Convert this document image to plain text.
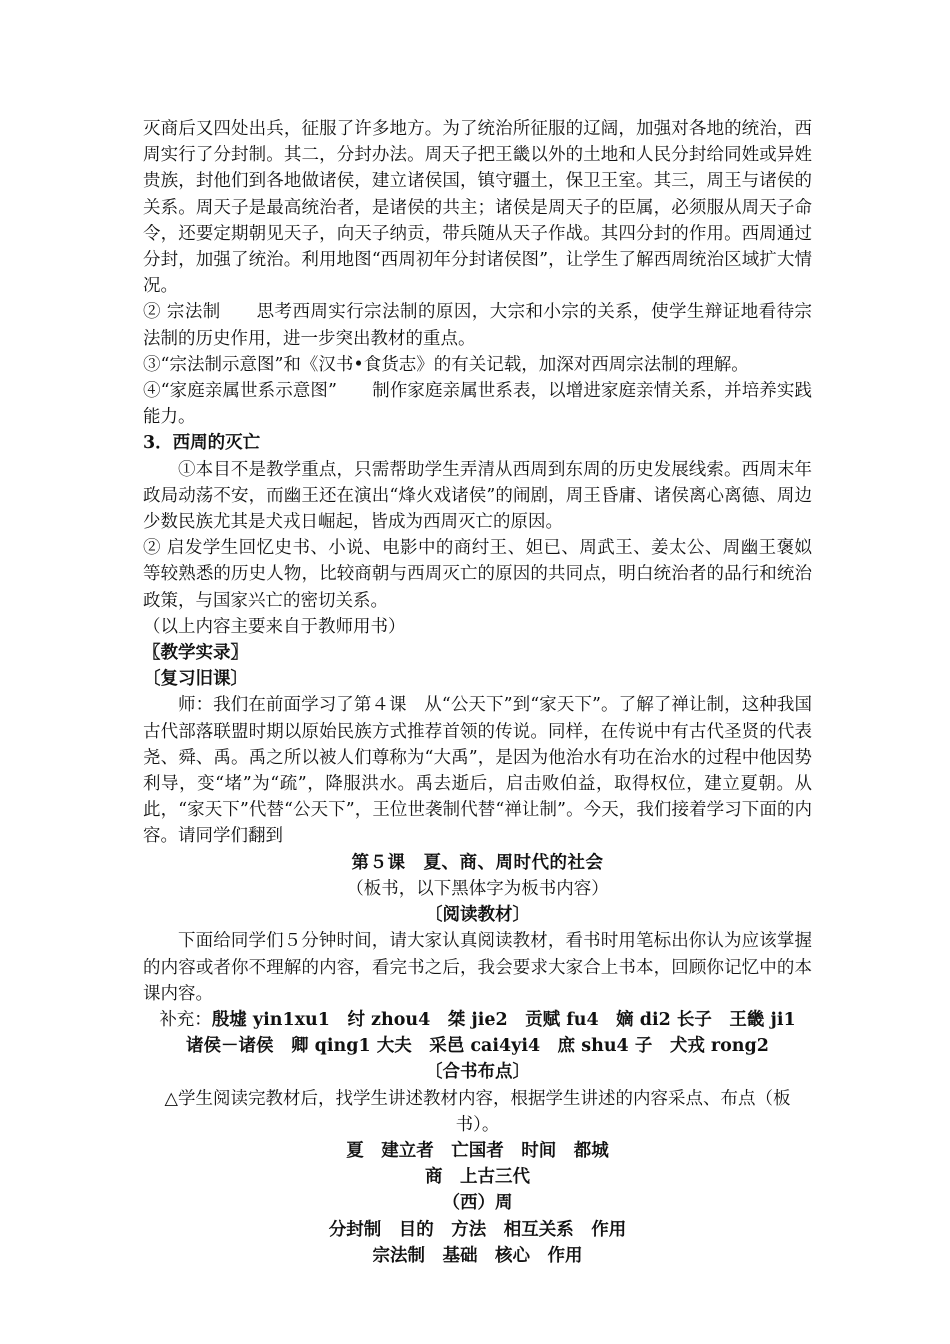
灭商后又四处出兵，征服了许多地方。为了统治所征服的辽阔，加强对各地的统治，西周实行了分封制。其二，分封办法。周天子把王畿以外的土地和人民分封给同姓或异姓贵族，封他们到各地做诸侯，建立诸侯国，镇守疆土，保卫王室。其三，周王与诸侯的关系。周天子是最高统治者，是诸侯的共主；诸侯是周天子的臣属，必须服从周天子命令，还要定期朝见天子，向天子纳贡，带兵随从天子作战。其四分封的作用。西周通过分封，加强了统治。利用地图“西周初年分封诸侯图”，让学生了解西周统治区域扩大情况。

② 宗法制　　思考西周实行宗法制的原因，大宗和小宗的关系，使学生辩证地看待宗法制的历史作用，进一步突出教材的重点。

③“宗法制示意图”和《汉书•食货志》的有关记载，加深对西周宗法制的理解。

④“家庭亲属世系示意图”　　制作家庭亲属世系表，以增进家庭亲情关系，并培养实践能力。

3．西周的灭亡

①本目不是教学重点，只需帮助学生弄清从西周到东周的历史发展线索。西周末年政局动荡不安，而幽王还在演出“烽火戏诸侯”的闹剧，周王昏庸、诸侯离心离德、周边少数民族尤其是犬戎日崛起，皆成为西周灭亡的原因。

② 启发学生回忆史书、小说、电影中的商纣王、妲已、周武王、姜太公、周幽王褒姒等较熟悉的历史人物，比较商朝与西周灭亡的原因的共同点，明白统治者的品行和统治政策，与国家兴亡的密切关系。

（以上内容主要来自于教师用书）

〖教学实录〗

〔复习旧课〕

师：我们在前面学习了第４课　从“公天下”到“家天下”。了解了禅让制，这种我国古代部落联盟时期以原始民族方式推荐首领的传说。同样，在传说中有古代圣贤的代表尧、舜、禹。禹之所以被人们尊称为“大禹”，是因为他治水有功在治水的过程中他因势利导，变“堵”为“疏”，降服洪水。禹去逝后，启击败伯益，取得权位，建立夏朝。从此，“家天下”代替“公天下”，王位世袭制代替“禅让制”。今天，我们接着学习下面的内容。请同学们翻到

第５课　夏、商、周时代的社会

（板书，以下黑体字为板书内容）

〔阅读教材〕

下面给同学们５分钟时间，请大家认真阅读教材，看书时用笔标出你认为应该掌握的内容或者你不理解的内容，看完书之后，我会要求大家合上书本，回顾你记忆中的本课内容。

补充：殷墟 yin1xu1　纣 zhou4　桀 jie2　贡赋 fu4　嫡 di2 长子　王畿 ji1

诸侯－诸侯　卿 qing1 大夫　采邑 cai4yi4　庶 shu4 子　犬戎 rong2

〔合书布点〕

△学生阅读完教材后，找学生讲述教材内容，根据学生讲述的内容采点、布点（板书）。

夏　建立者　亡国者　时间　都城

商　上古三代

（西）周

分封制　目的　方法　相互关系　作用

宗法制　基础　核心　作用
